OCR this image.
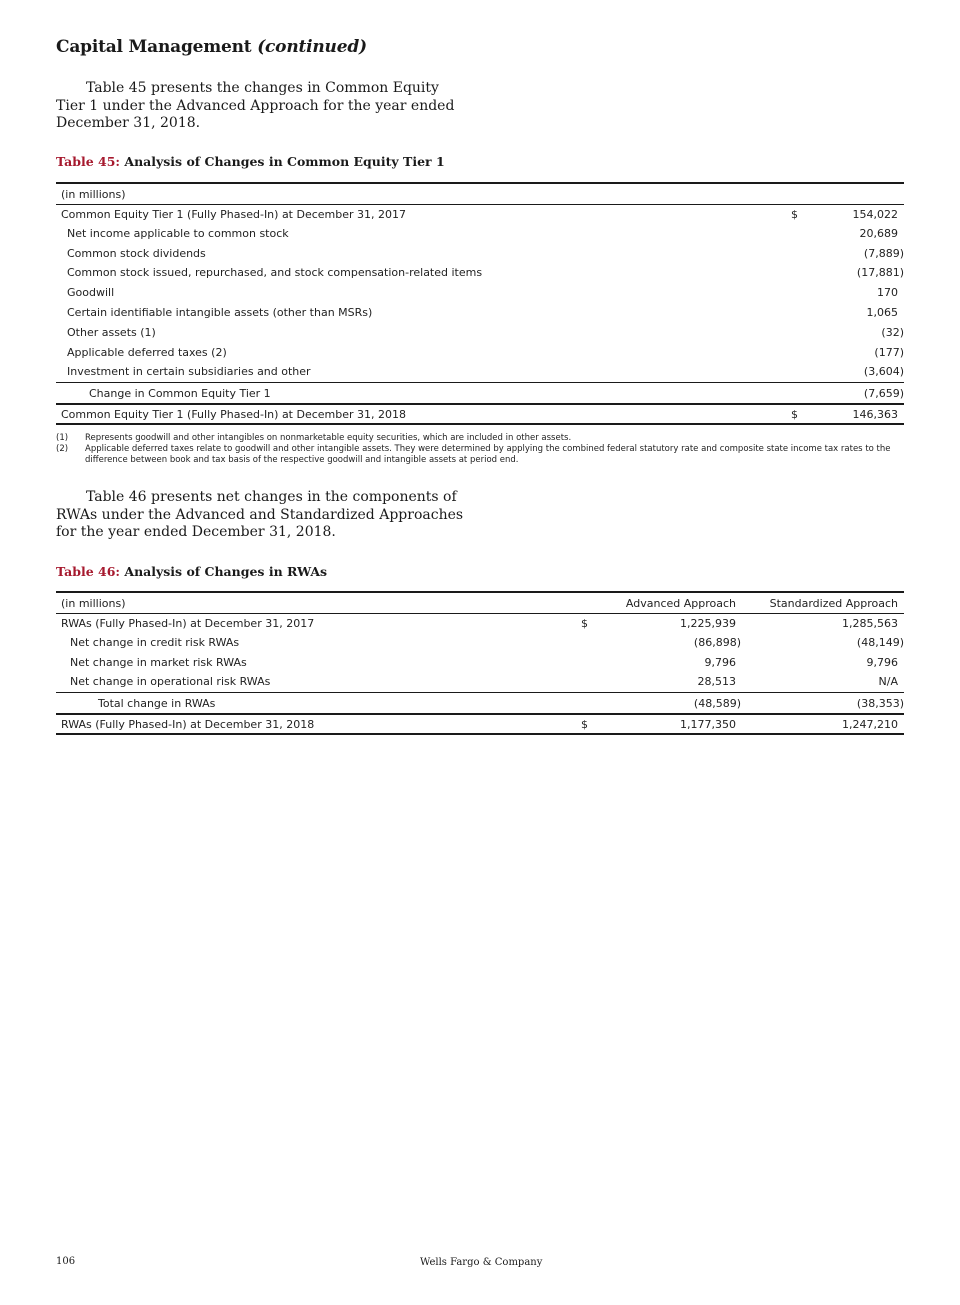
Capital Management (continued)
Table 45 presents the changes in Common Equity Tier 1 under the Advanced Approach for the year ended December 31, 2018.
Table 45: Analysis of Changes in Common Equity Tier 1
(in millions)
Common Equity Tier 1 (Fully Phased-In) at December 31, 2017	$	154,022
Net income applicable to common stock	20,689
Common stock dividends	(7,889)
Common stock issued, repurchased, and stock compensation-related items	(17,881)
Goodwill	170
Certain identifiable intangible assets (other than MSRs)	1,065
Other assets (1)	(32)
Applicable deferred taxes (2)	(177)
Investment in certain subsidiaries and other	(3,604)
Change in Common Equity Tier 1	(7,659)
Common Equity Tier 1 (Fully Phased-In) at December 31, 2018	$	146,363
(1) Represents goodwill and other intangibles on nonmarketable equity securities, which are included in other assets.
(2) Applicable deferred taxes relate to goodwill and other intangible assets. They were determined by applying the combined federal statutory rate and composite state income tax rates to the difference between book and tax basis of the respective goodwill and intangible assets at period end.
Table 46 presents net changes in the components of RWAs under the Advanced and Standardized Approaches for the year ended December 31, 2018.
Table 46: Analysis of Changes in RWAs
(in millions)	Advanced Approach	Standardized Approach
RWAs (Fully Phased-In) at December 31, 2017	$	1,225,939	1,285,563
Net change in credit risk RWAs	(86,898)	(48,149)
Net change in market risk RWAs	9,796	9,796
Net change in operational risk RWAs	28,513	N/A
Total change in RWAs	(48,589)	(38,353)
RWAs (Fully Phased-In) at December 31, 2018	$	1,177,350	1,247,210
106	Wells Fargo & Company
